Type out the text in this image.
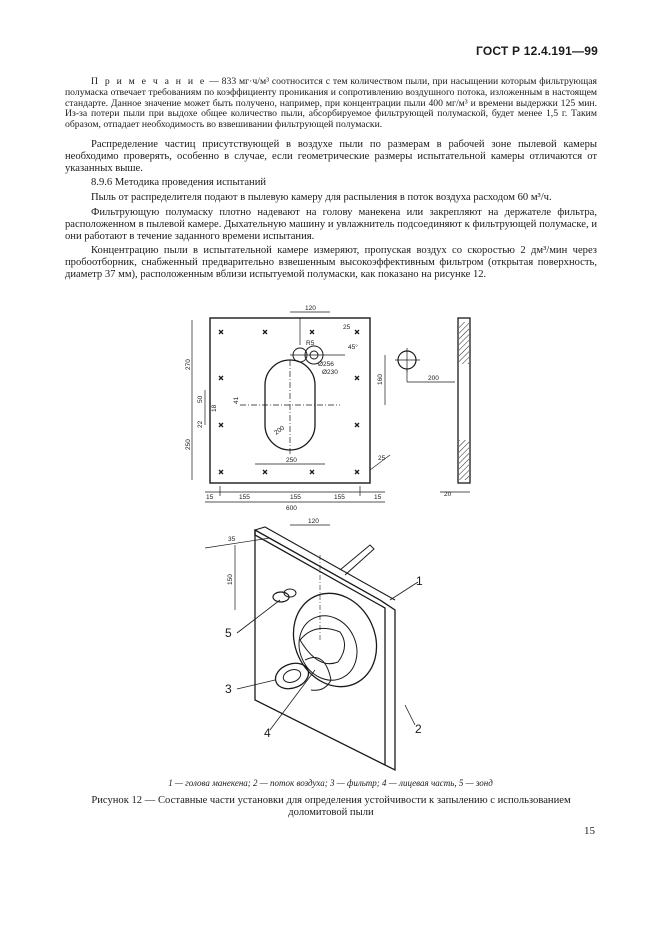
ГОСТ Р 12.4.191—99
П р и м е ч а н и е — 833 мг·ч/м³ соотносится с тем количеством пыли, при насыщении которым фильтрующая полумаска отвечает требованиям по коэффициенту проникания и сопротивлению воздушного потока, изложенным в настоящем стандарте. Данное значение может быть получено, например, при концентрации пыли 400 мг/м³ и времени выдержки 125 мин. Из-за потери пыли при выдохе общее количество пыли, абсорбируемое фильтрующей полумаской, будет менее 1,5 г. Таким образом, отпадает необходимость во взвешивании фильтрующей полумаски.
Распределение частиц присутствующей в воздухе пыли по размерам в рабочей зоне пылевой камеры необходимо проверять, особенно в случае, если геометрические размеры испытательной камеры отличаются от указанных выше.
8.9.6 Методика проведения испытаний
Пыль от распределителя подают в пылевую камеру для распыления в поток воздуха расходом 60 м³/ч.
Фильтрующую полумаску плотно надевают на голову манекена или закрепляют на держателе фильтра, расположенном в пылевой камере. Дыхательную машину и увлажнитель подсоединяют к фильтрующей полумаске, и они работают в течение заданного времени испытания.
Концентрацию пыли в испытательной камере измеряют, пропуская воздух со скоростью 2 дм³/мин через пробоотборник, снабженный предварительно взвешенным высокоэффективным фильтром (открытая поверхность, диаметр 37 мм), расположенным вблизи испытуемой полумаски, как показано на рисунке 12.
120
25
45°
R5
Ø256
Ø230
270
160	200
50
18
41
22
250
200
250	25
15	155	155	155	15
600
20
120
35
150	1
2
3
4
5
1 — голова манекена; 2 — поток воздуха; 3 — фильтр; 4 — лицевая часть, 5 — зонд
Рисунок 12 — Составные части установки для определения устойчивости к запылению с использованием доломитовой пыли
15
